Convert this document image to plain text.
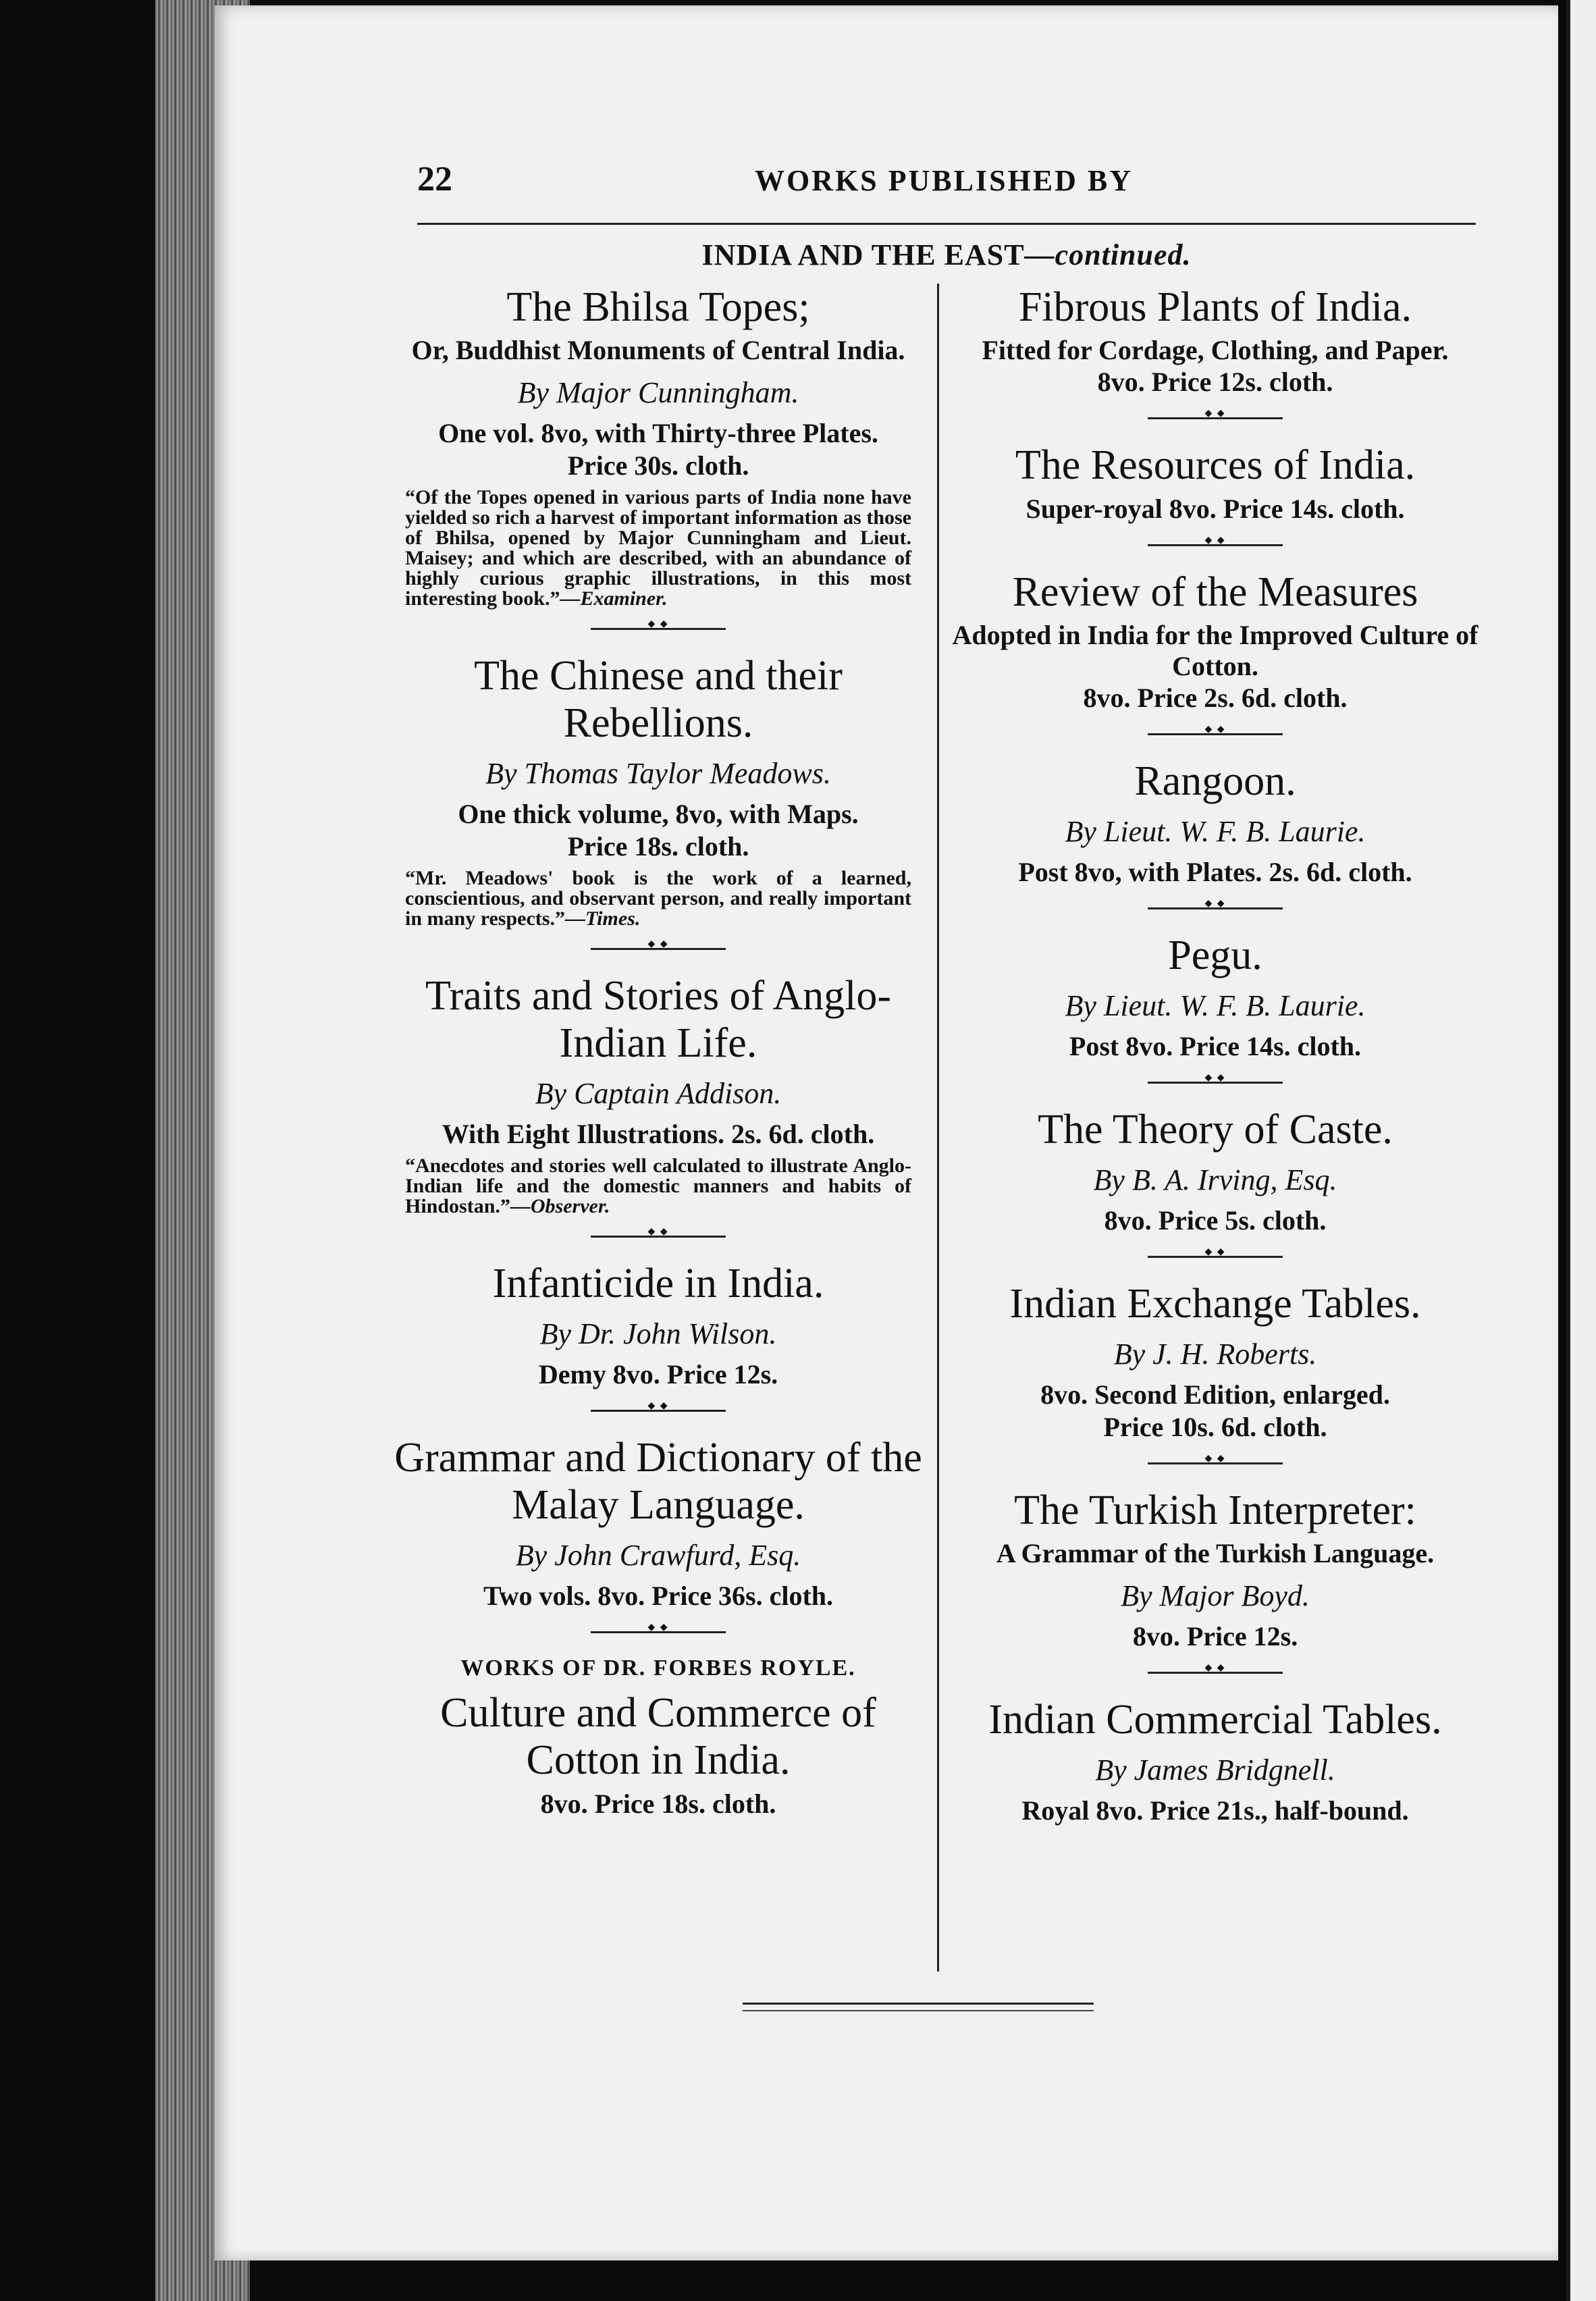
22	WORKS PUBLISHED BY
INDIA AND THE EAST—continued.

The Bhilsa Topes;

Or, Buddhist Monuments of Central India.

By Major Cunningham.

One vol. 8vo, with Thirty-three Plates.

Price 30s. cloth.

“Of the Topes opened in various parts of India none have yielded so rich a harvest of important information as those of Bhilsa, opened by Major Cunningham and Lieut. Maisey; and which are described, with an abundance of highly curious graphic illustrations, in this most interesting book.”—Examiner.

◆ ◆

The Chinese and their Rebellions.

By Thomas Taylor Meadows.

One thick volume, 8vo, with Maps.

Price 18s. cloth.

“Mr. Meadows' book is the work of a learned, conscientious, and observant person, and really important in many respects.”—Times.

◆ ◆

Traits and Stories of Anglo-Indian Life.

By Captain Addison.

With Eight Illustrations. 2s. 6d. cloth.

“Anecdotes and stories well calculated to illustrate Anglo-Indian life and the domestic manners and habits of Hindostan.”—Observer.

◆ ◆

Infanticide in India.

By Dr. John Wilson.

Demy 8vo. Price 12s.

◆ ◆

Grammar and Dictionary of the Malay Language.

By John Crawfurd, Esq.

Two vols. 8vo. Price 36s. cloth.

◆ ◆

WORKS OF DR. FORBES ROYLE.

Culture and Commerce of Cotton in India.

8vo. Price 18s. cloth.

Fibrous Plants of India.

Fitted for Cordage, Clothing, and Paper.

8vo. Price 12s. cloth.

◆ ◆

The Resources of India.

Super-royal 8vo. Price 14s. cloth.

◆ ◆

Review of the Measures

Adopted in India for the Improved Culture of Cotton.

8vo. Price 2s. 6d. cloth.

◆ ◆

Rangoon.

By Lieut. W. F. B. Laurie.

Post 8vo, with Plates. 2s. 6d. cloth.

◆ ◆

Pegu.

By Lieut. W. F. B. Laurie.

Post 8vo. Price 14s. cloth.

◆ ◆

The Theory of Caste.

By B. A. Irving, Esq.

8vo. Price 5s. cloth.

◆ ◆

Indian Exchange Tables.

By J. H. Roberts.

8vo. Second Edition, enlarged.

Price 10s. 6d. cloth.

◆ ◆

The Turkish Interpreter:

A Grammar of the Turkish Language.

By Major Boyd.

8vo. Price 12s.

◆ ◆

Indian Commercial Tables.

By James Bridgnell.

Royal 8vo. Price 21s., half-bound.
